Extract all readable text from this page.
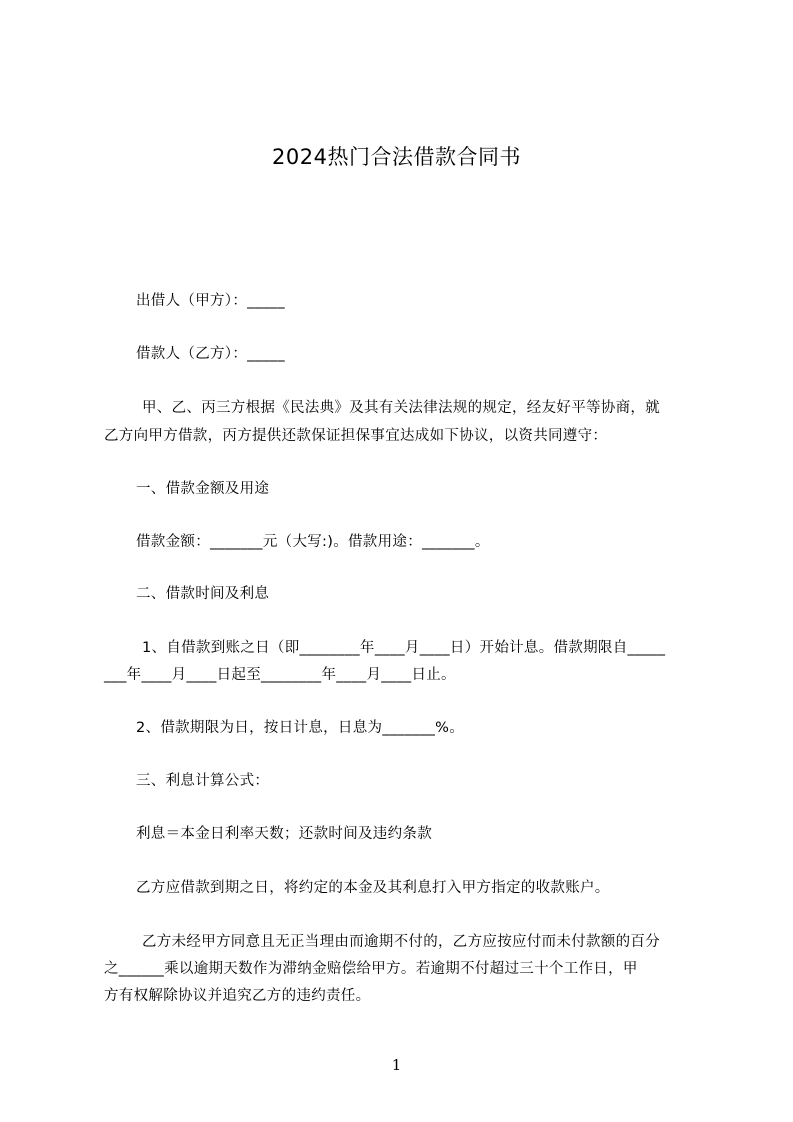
2024热门合法借款合同书
出借人（甲方）：_____
借款人（乙方）：_____
甲、乙、丙三方根据《民法典》及其有关法律法规的规定，经友好平等协商，就
乙方向甲方借款，丙方提供还款保证担保事宜达成如下协议，以资共同遵守：
一、借款金额及用途
借款金额：_______元（大写:)。借款用途：_______。
二、借款时间及利息
1、自借款到账之日（即________年____月____日）开始计息。借款期限自_____
___年____月____日起至________年____月____日止。
2、借款期限为日，按日计息，日息为_______%。
三、利息计算公式：
利息＝本金日利率天数；还款时间及违约条款
乙方应借款到期之日，将约定的本金及其利息打入甲方指定的收款账户。
乙方未经甲方同意且无正当理由而逾期不付的，乙方应按应付而未付款额的百分
之______乘以逾期天数作为滞纳金赔偿给甲方。若逾期不付超过三十个工作日，甲
方有权解除协议并追究乙方的违约责任。
1
